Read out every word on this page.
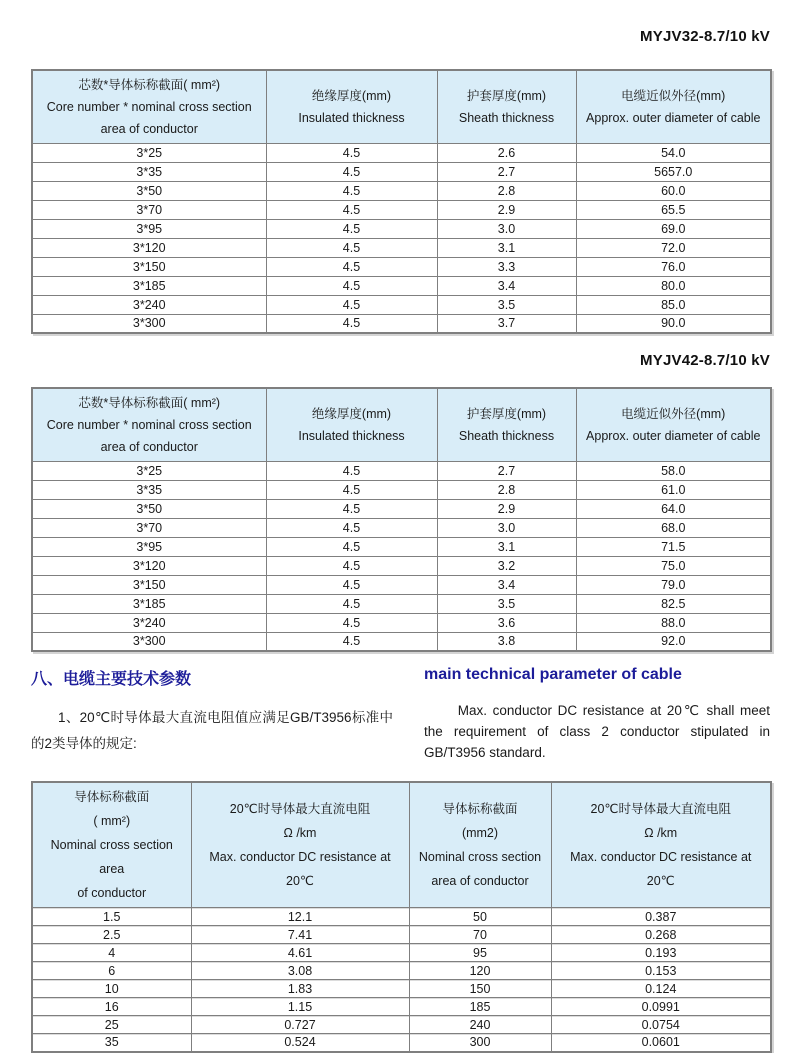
MYJV32-8.7/10 kV
芯数*导体标称截面( mm²)
Core number * nominal cross section
area of conductor

绝缘厚度(mm)
Insulated thickness

护套厚度(mm)
Sheath thickness

电缆近似外径(mm)
Approx. outer diameter of cable

3*25	4.5	2.6	54.0
3*35	4.5	2.7	5657.0
3*50	4.5	2.8	60.0
3*70	4.5	2.9	65.5
3*95	4.5	3.0	69.0
3*120	4.5	3.1	72.0
3*150	4.5	3.3	76.0
3*185	4.5	3.4	80.0
3*240	4.5	3.5	85.0
3*300	4.5	3.7	90.0
MYJV42-8.7/10 kV
芯数*导体标称截面( mm²)
Core number * nominal cross section
area of conductor

绝缘厚度(mm)
Insulated thickness

护套厚度(mm)
Sheath thickness

电缆近似外径(mm)
Approx. outer diameter of cable

3*25	4.5	2.7	58.0
3*35	4.5	2.8	61.0
3*50	4.5	2.9	64.0
3*70	4.5	3.0	68.0
3*95	4.5	3.1	71.5
3*120	4.5	3.2	75.0
3*150	4.5	3.4	79.0
3*185	4.5	3.5	82.5
3*240	4.5	3.6	88.0
3*300	4.5	3.8	92.0
八、电缆主要技术参数

1、20℃时导体最大直流电阻值应满足GB/T3956标准中的2类导体的规定:

main technical parameter of cable

Max. conductor DC resistance at 20℃ shall meet the requirement of class 2 conductor stipulated in GB/T3956 standard.

导体标称截面
( mm²)
Nominal cross section area
of conductor

20℃时导体最大直流电阻
Ω /km
Max. conductor DC resistance at
20℃

导体标称截面
(mm2)
Nominal cross section
area of conductor

20℃时导体最大直流电阻
Ω /km
Max. conductor DC resistance at 20℃

1.5	12.1	50	0.387
2.5	7.41	70	0.268
4	4.61	95	0.193
6	3.08	120	0.153
10	1.83	150	0.124
16	1.15	185	0.0991
25	0.727	240	0.0754
35	0.524	300	0.0601
